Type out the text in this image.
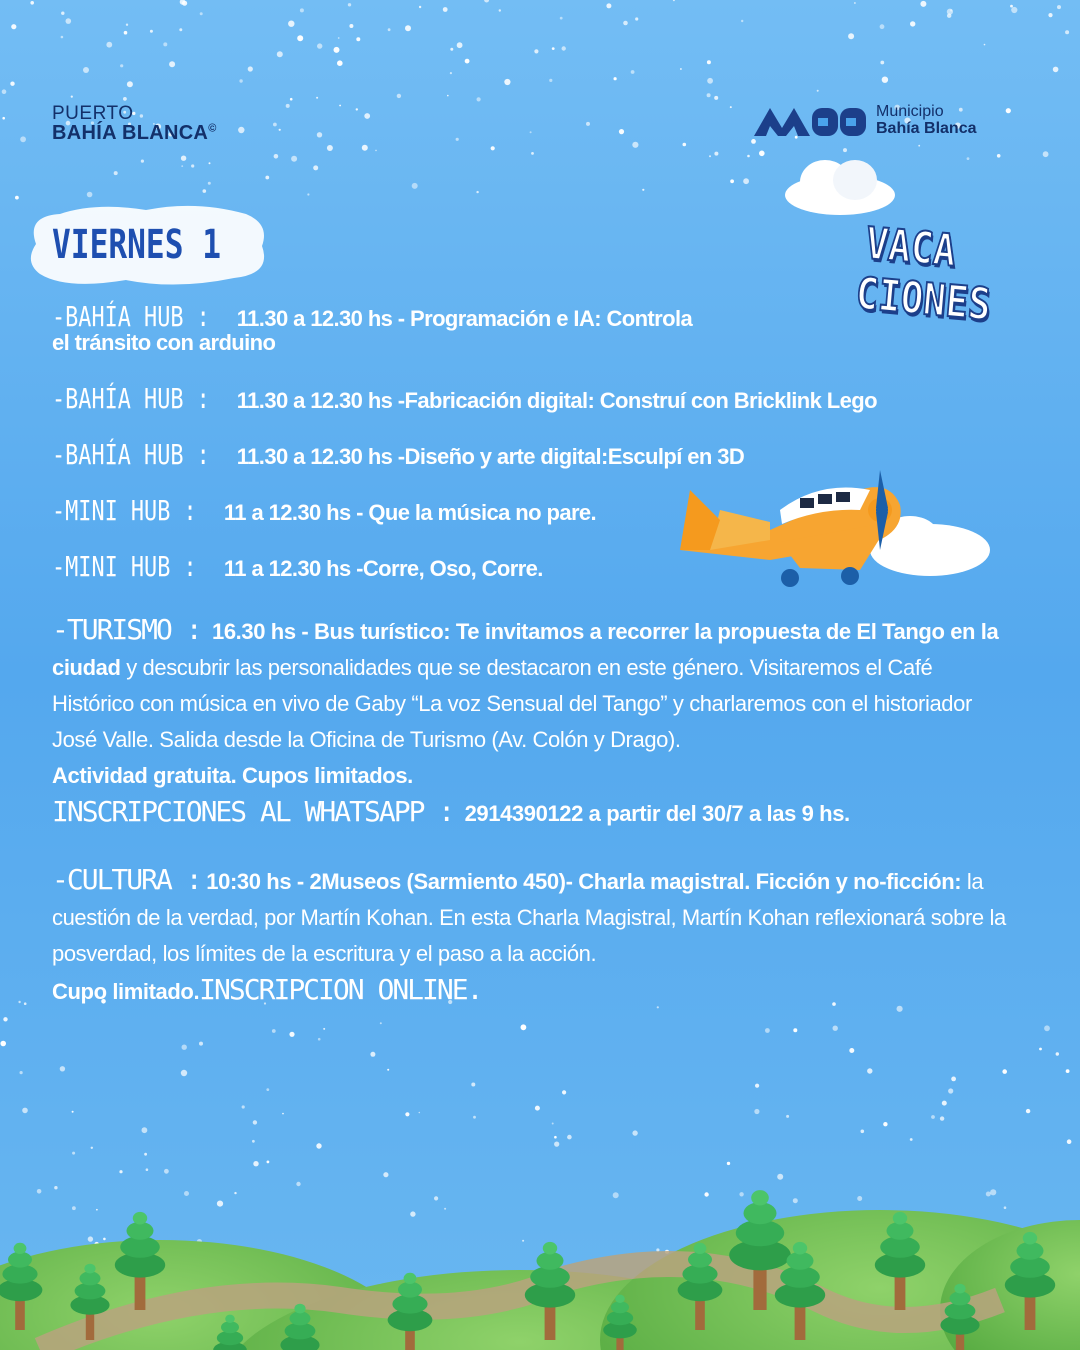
PUERTO
BAHÍA BLANCA©
Municipio
Bahía Blanca
VIERNES 1	VACA
CIONES
-BAHÍA HUB : 11.30 a 12.30 hs - Programación e IA: Controla
el tránsito con arduino
-BAHÍA HUB : 11.30 a 12.30 hs -Fabricación digital: Construí con Bricklink Lego
-BAHÍA HUB : 11.30 a 12.30 hs -Diseño y arte digital:Esculpí en 3D
-MINI HUB : 11 a 12.30 hs - Que la música no pare.
-MINI HUB : 11 a 12.30 hs -Corre, Oso, Corre.
-TURISMO : 16.30 hs - Bus turístico: Te invitamos a recorrer la propuesta de El Tango en la ciudad y descubrir las personalidades que se destacaron en este género. Visitaremos el Café Histórico con música en vivo de Gaby “La voz Sensual del Tango” y charlaremos con el historiador José Valle. Salida desde la Oficina de Turismo (Av. Colón y Drago).
Actividad gratuita. Cupos limitados.
INSCRIPCIONES AL WHATSAPP : 2914390122 a partir del 30/7 a las 9 hs.
-CULTURA : 10:30 hs - 2Museos (Sarmiento 450)- Charla magistral. Ficción y no-ficción: la cuestión de la verdad, por Martín Kohan. En esta Charla Magistral, Martín Kohan reflexionará sobre la posverdad, los límites de la escritura y el paso a la acción.
Cupo limitado.INSCRIPCION ONLINE.
